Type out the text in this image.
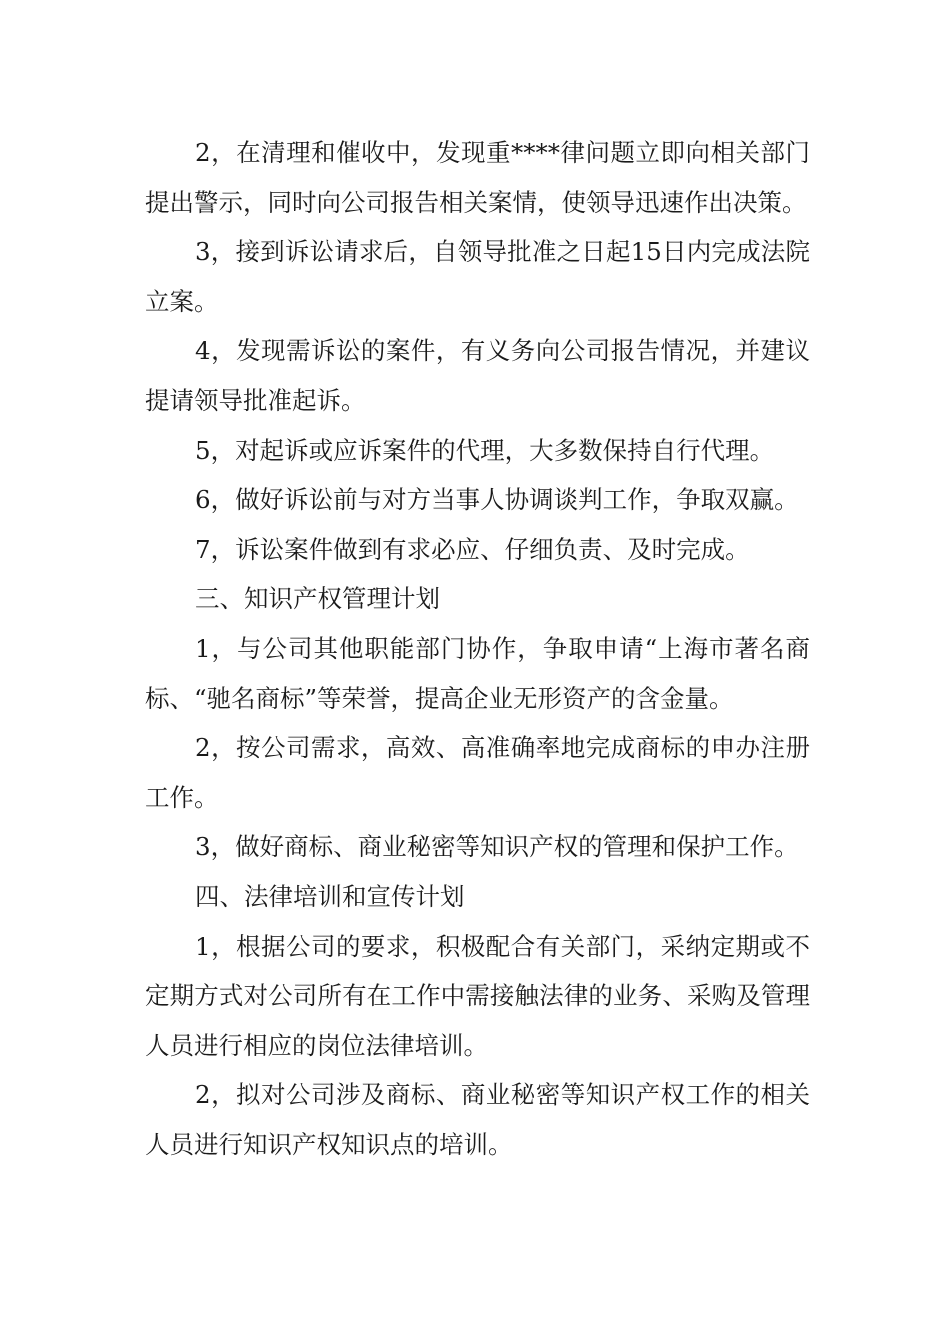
2，在清理和催收中，发现重****律问题立即向相关部门提出警示，同时向公司报告相关案情，使领导迅速作出决策。

3，接到诉讼请求后，自领导批准之日起15日内完成法院立案。

4，发现需诉讼的案件，有义务向公司报告情况，并建议提请领导批准起诉。

5，对起诉或应诉案件的代理，大多数保持自行代理。

6，做好诉讼前与对方当事人协调谈判工作，争取双赢。

7，诉讼案件做到有求必应、仔细负责、及时完成。

三、知识产权管理计划

1，与公司其他职能部门协作，争取申请“上海市著名商标、“驰名商标”等荣誉，提高企业无形资产的含金量。

2，按公司需求，高效、高准确率地完成商标的申办注册工作。

3，做好商标、商业秘密等知识产权的管理和保护工作。

四、法律培训和宣传计划

1，根据公司的要求，积极配合有关部门，采纳定期或不定期方式对公司所有在工作中需接触法律的业务、采购及管理人员进行相应的岗位法律培训。

2，拟对公司涉及商标、商业秘密等知识产权工作的相关人员进行知识产权知识点的培训。
